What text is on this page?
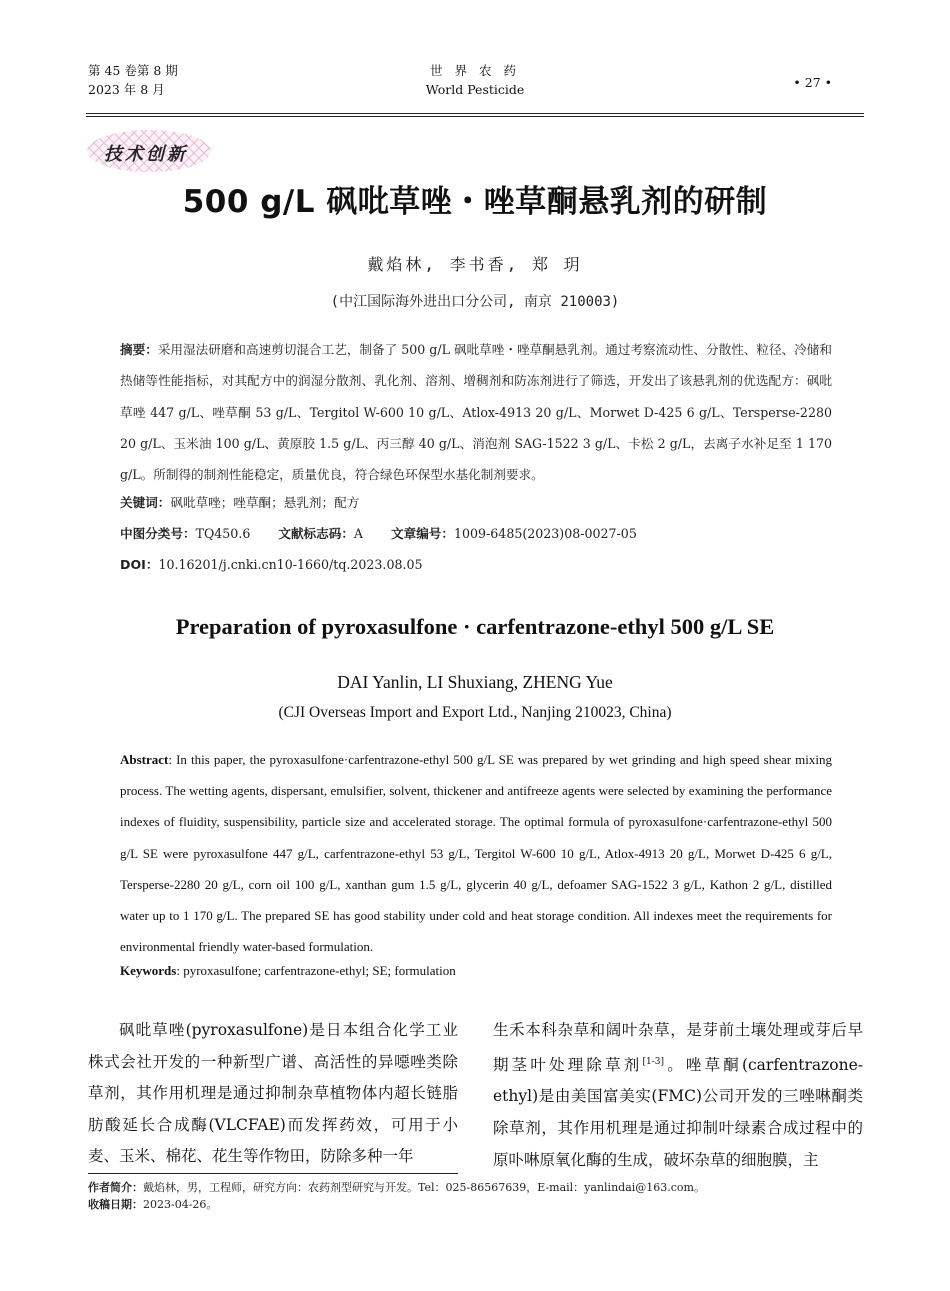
第 45 卷第 8 期
2023 年 8 月
世 界 农 药
World Pesticide	• 27 •
技术创新
500 g/L 砜吡草唑・唑草酮悬乳剂的研制
戴焰林, 李书香, 郑 玥
(中江国际海外进出口分公司, 南京 210003)
摘要：采用湿法研磨和高速剪切混合工艺，制备了 500 g/L 砜吡草唑・唑草酮悬乳剂。通过考察流动性、分散性、粒径、冷储和热储等性能指标，对其配方中的润湿分散剂、乳化剂、溶剂、增稠剂和防冻剂进行了筛选，开发出了该悬乳剂的优选配方：砜吡草唑 447 g/L、唑草酮 53 g/L、Tergitol W-600 10 g/L、Atlox-4913 20 g/L、Morwet D-425 6 g/L、Tersperse-2280 20 g/L、玉米油 100 g/L、黄原胶 1.5 g/L、丙三醇 40 g/L、消泡剂 SAG-1522 3 g/L、卡松 2 g/L，去离子水补足至 1 170 g/L。所制得的制剂性能稳定，质量优良，符合绿色环保型水基化制剂要求。
关键词：砜吡草唑；唑草酮；悬乳剂；配方
中图分类号：TQ450.6 文献标志码：A 文章编号：1009-6485(2023)08-0027-05
DOI：10.16201/j.cnki.cn10-1660/tq.2023.08.05
Preparation of pyroxasulfone · carfentrazone-ethyl 500 g/L SE
DAI Yanlin, LI Shuxiang, ZHENG Yue
(CJI Overseas Import and Export Ltd., Nanjing 210023, China)
Abstract: In this paper, the pyroxasulfone·carfentrazone-ethyl 500 g/L SE was prepared by wet grinding and high speed shear mixing process. The wetting agents, dispersant, emulsifier, solvent, thickener and antifreeze agents were selected by examining the performance indexes of fluidity, suspensibility, particle size and accelerated storage. The optimal formula of pyroxasulfone·carfentrazone-ethyl 500 g/L SE were pyroxasulfone 447 g/L, carfentrazone-ethyl 53 g/L, Tergitol W-600 10 g/L, Atlox-4913 20 g/L, Morwet D-425 6 g/L, Tersperse-2280 20 g/L, corn oil 100 g/L, xanthan gum 1.5 g/L, glycerin 40 g/L, defoamer SAG-1522 3 g/L, Kathon 2 g/L, distilled water up to 1 170 g/L. The prepared SE has good stability under cold and heat storage condition. All indexes meet the requirements for environmental friendly water-based formulation.
Keywords: pyroxasulfone; carfentrazone-ethyl; SE; formulation
砜吡草唑(pyroxasulfone)是日本组合化学工业株式会社开发的一种新型广谱、高活性的异噁唑类除草剂，其作用机理是通过抑制杂草植物体内超长链脂肪酸延长合成酶(VLCFAE)而发挥药效，可用于小麦、玉米、棉花、花生等作物田，防除多种一年
生禾本科杂草和阔叶杂草，是芽前土壤处理或芽后早期茎叶处理除草剂[1-3]。唑草酮(carfentrazone-ethyl)是由美国富美实(FMC)公司开发的三唑啉酮类除草剂，其作用机理是通过抑制叶绿素合成过程中的原卟啉原氧化酶的生成，破坏杂草的细胞膜，主
作者简介：戴焰林，男，工程师，研究方向：农药剂型研究与开发。Tel：025-86567639，E-mail：yanlindai@163.com。
收稿日期：2023-04-26。
